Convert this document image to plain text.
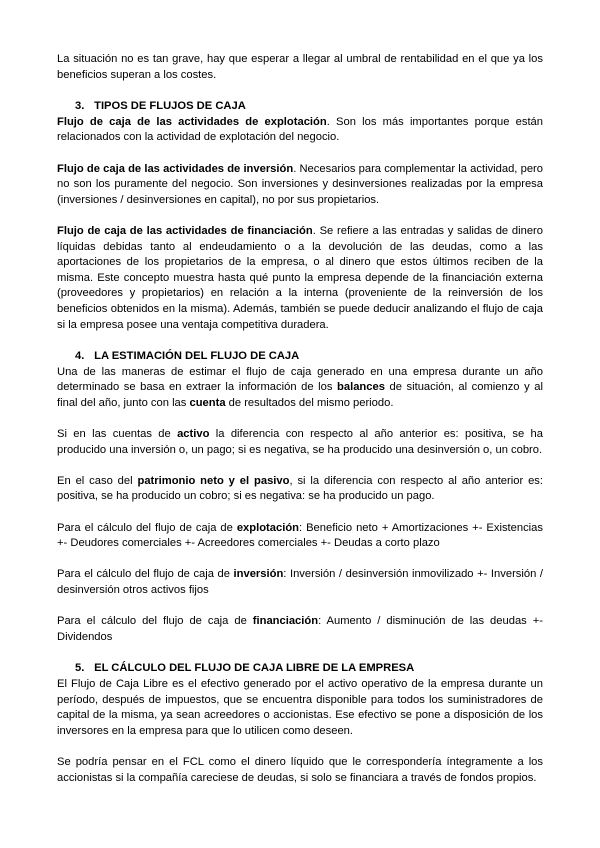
La situación no es tan grave, hay que esperar a llegar al umbral de rentabilidad en el que ya los beneficios superan a los costes.

3. TIPOS DE FLUJOS DE CAJA

Flujo de caja de las actividades de explotación. Son los más importantes porque están relacionados con la actividad de explotación del negocio.

Flujo de caja de las actividades de inversión. Necesarios para complementar la actividad, pero no son los puramente del negocio. Son inversiones y desinversiones realizadas por la empresa (inversiones / desinversiones en capital), no por sus propietarios.

Flujo de caja de las actividades de financiación. Se refiere a las entradas y salidas de dinero líquidas debidas tanto al endeudamiento o a la devolución de las deudas, como a las aportaciones de los propietarios de la empresa, o al dinero que estos últimos reciben de la misma. Este concepto muestra hasta qué punto la empresa depende de la financiación externa (proveedores y propietarios) en relación a la interna (proveniente de la reinversión de los beneficios obtenidos en la misma). Además, también se puede deducir analizando el flujo de caja si la empresa posee una ventaja competitiva duradera.

4. LA ESTIMACIÓN DEL FLUJO DE CAJA

Una de las maneras de estimar el flujo de caja generado en una empresa durante un año determinado se basa en extraer la información de los balances de situación, al comienzo y al final del año, junto con las cuenta de resultados del mismo periodo.

Si en las cuentas de activo la diferencia con respecto al año anterior es: positiva, se ha producido una inversión o, un pago; si es negativa, se ha producido una desinversión o, un cobro.

En el caso del patrimonio neto y el pasivo, si la diferencia con respecto al año anterior es: positiva, se ha producido un cobro; si es negativa: se ha producido un pago.

Para el cálculo del flujo de caja de explotación: Beneficio neto + Amortizaciones +- Existencias +- Deudores comerciales +- Acreedores comerciales +- Deudas a corto plazo

Para el cálculo del flujo de caja de inversión: Inversión / desinversión inmovilizado +- Inversión / desinversión otros activos fijos

Para el cálculo del flujo de caja de financiación: Aumento / disminución de las deudas +- Dividendos

5. EL CÁLCULO DEL FLUJO DE CAJA LIBRE DE LA EMPRESA

El Flujo de Caja Libre es el efectivo generado por el activo operativo de la empresa durante un período, después de impuestos, que se encuentra disponible para todos los suministradores de capital de la misma, ya sean acreedores o accionistas. Ese efectivo se pone a disposición de los inversores en la empresa para que lo utilicen como deseen.

Se podría pensar en el FCL como el dinero líquido que le correspondería íntegramente a los accionistas si la compañía careciese de deudas, si solo se financiara a través de fondos propios.
